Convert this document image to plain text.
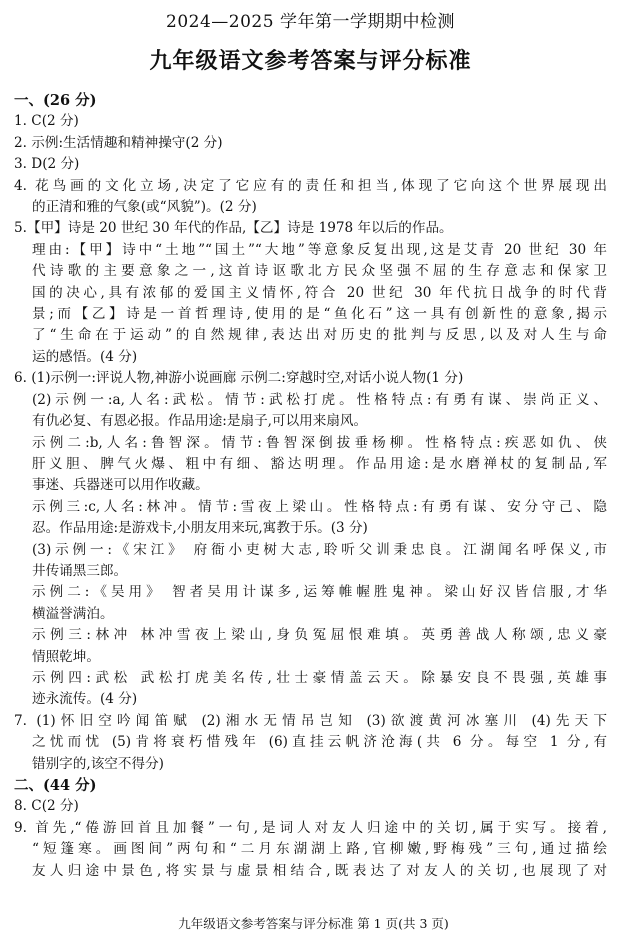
2024—2025 学年第一学期期中检测
九年级语文参考答案与评分标准
一、(26 分)
1. C(2 分)
2. 示例:生活情趣和精神操守(2 分)
3. D(2 分)
4. 花鸟画的文化立场,决定了它应有的责任和担当,体现了它向这个世界展现出
的正清和雅的气象(或“风貌”)。(2 分)
5.【甲】诗是 20 世纪 30 年代的作品,【乙】诗是 1978 年以后的作品。
理由:【甲】诗中“土地”“国土”“大地”等意象反复出现,这是艾青 20 世纪 30 年
代诗歌的主要意象之一,这首诗讴歌北方民众坚强不屈的生存意志和保家卫
国的决心,具有浓郁的爱国主义情怀,符合 20 世纪 30 年代抗日战争的时代背
景;而【乙】诗是一首哲理诗,使用的是“鱼化石”这一具有创新性的意象,揭示
了“生命在于运动”的自然规律,表达出对历史的批判与反思,以及对人生与命
运的感悟。(4 分)
6. (1)示例一:评说人物,神游小说画廊 示例二:穿越时空,对话小说人物(1 分)
(2)示例一:a,人名:武松。情节:武松打虎。性格特点:有勇有谋、崇尚正义、
有仇必复、有恩必报。作品用途:是扇子,可以用来扇风。
示例二:b,人名:鲁智深。情节:鲁智深倒拔垂杨柳。性格特点:疾恶如仇、侠
肝义胆、脾气火爆、粗中有细、豁达明理。作品用途:是水磨禅杖的复制品,军
事迷、兵器迷可以用作收藏。
示例三:c,人名:林冲。情节:雪夜上梁山。性格特点:有勇有谋、安分守己、隐
忍。作品用途:是游戏卡,小朋友用来玩,寓教于乐。(3 分)
(3)示例一:《宋江》 府衙小吏树大志,聆听父训秉忠良。江湖闻名呼保义,市
井传诵黑三郎。
示例二:《吴用》 智者吴用计谋多,运筹帷幄胜鬼神。梁山好汉皆信服,才华
横溢誉满泊。
示例三:林冲 林冲雪夜上梁山,身负冤屈恨难填。英勇善战人称颂,忠义豪
情照乾坤。
示例四:武松 武松打虎美名传,壮士豪情盖云天。除暴安良不畏强,英雄事
迹永流传。(4 分)
7. (1)怀旧空吟闻笛赋 (2)湘水无情吊岂知 (3)欲渡黄河冰塞川 (4)先天下
之忧而忧 (5)肯将衰朽惜残年 (6)直挂云帆济沧海(共 6 分。每空 1 分,有
错别字的,该空不得分)
二、(44 分)
8. C(2 分)
9. 首先,“倦游回首且加餐”一句,是词人对友人归途中的关切,属于实写。接着,
“短篷寒。画图间”两句和“二月东湖湖上路,官柳嫩,野梅残”三句,通过描绘
友人归途中景色,将实景与虚景相结合,既表达了对友人的关切,也展现了对
九年级语文参考答案与评分标准 第 1 页(共 3 页)
